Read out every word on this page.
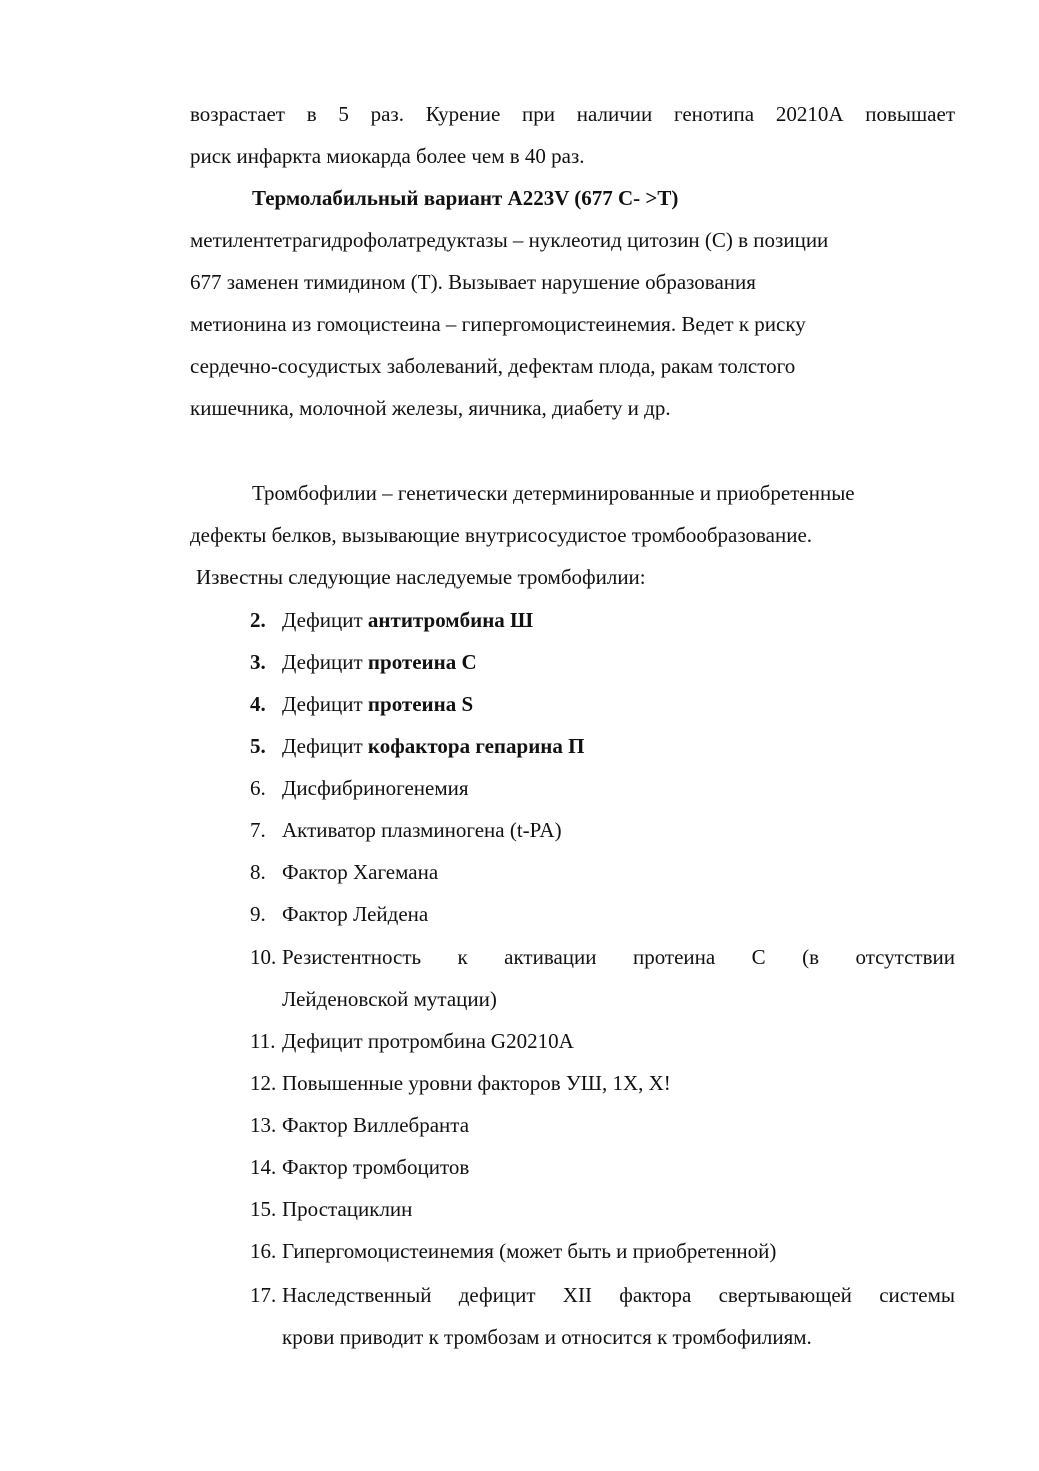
возрастает в 5 раз. Курение при наличии генотипа 20210А повышает
риск инфаркта миокарда более чем в 40 раз.
Термолабильный вариант A223V (677 С- >Т)
метилентетрагидрофолатредуктазы – нуклеотид цитозин (С) в позиции
677 заменен тимидином (Т). Вызывает нарушение образования
метионина из гомоцистеина – гипергомоцистеинемия. Ведет к риску
сердечно-сосудистых заболеваний, дефектам плода, ракам толстого
кишечника, молочной железы, яичника, диабету и др.
Тромбофилии – генетически детерминированные и приобретенные
дефекты белков, вызывающие внутрисосудистое тромбообразование.
Известны следующие наследуемые тромбофилии:
2. Дефицит антитромбина Ш
3. Дефицит протеина С
4. Дефицит протеина S
5. Дефицит кофактора гепарина П
6. Дисфибриногенемия
7. Активатор плазминогена (t-PA)
8. Фактор Хагемана
9. Фактор Лейдена
10. Резистентность к активации протеина С (в отсутствии
Лейденовской мутации)
11. Дефицит протромбина G20210А
12. Повышенные уровни факторов УШ, 1Х, Х!
13. Фактор Виллебранта
14. Фактор тромбоцитов
15. Простациклин
16. Гипергомоцистеинемия (может быть и приобретенной)
17. Наследственный дефицит XII фактора свертывающей системы
крови приводит к тромбозам и относится к тромбофилиям.
